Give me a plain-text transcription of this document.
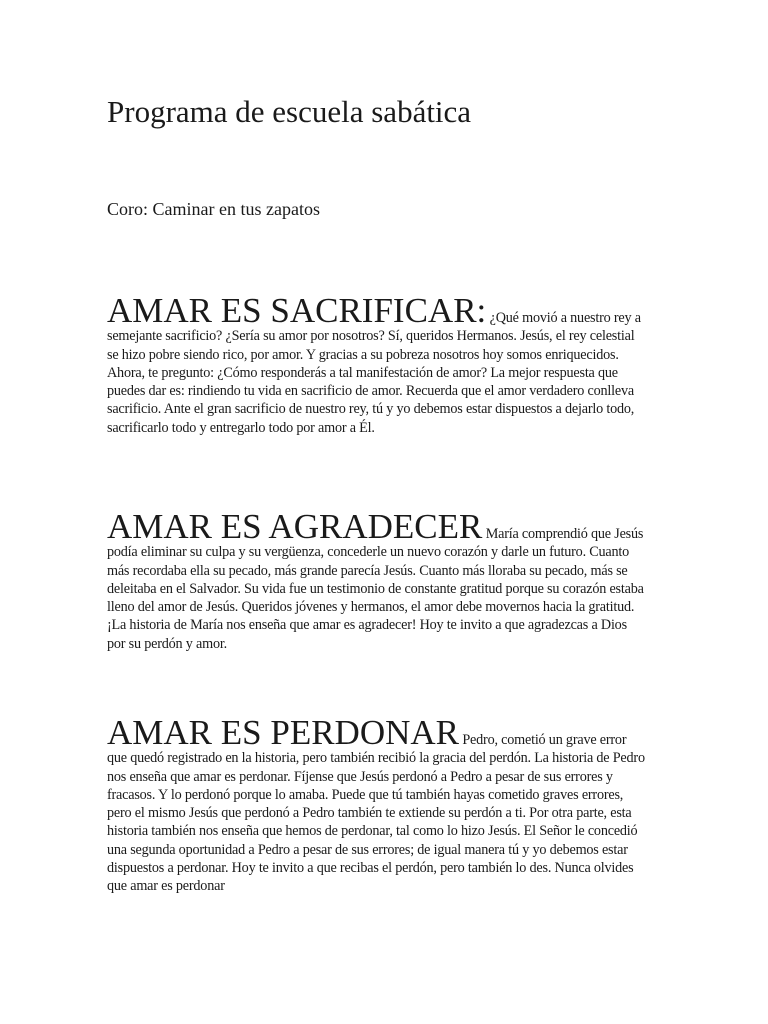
Programa de escuela sabática

Coro: Caminar en tus zapatos

AMAR ES SACRIFICAR: ¿Qué movió a nuestro rey a semejante sacrificio? ¿Sería su amor por nosotros? Sí, queridos Hermanos. Jesús, el rey celestial se hizo pobre siendo rico, por amor. Y gracias a su pobreza nosotros hoy somos enriquecidos. Ahora, te pregunto: ¿Cómo responderás a tal manifestación de amor? La mejor respuesta que puedes dar es: rindiendo tu vida en sacrificio de amor. Recuerda que el amor verdadero conlleva sacrificio. Ante el gran sacrificio de nuestro rey, tú y yo debemos estar dispuestos a dejarlo todo, sacrificarlo todo y entregarlo todo por amor a Él.

AMAR ES AGRADECER María comprendió que Jesús podía eliminar su culpa y su vergüenza, concederle un nuevo corazón y darle un futuro. Cuanto más recordaba ella su pecado, más grande parecía Jesús. Cuanto más lloraba su pecado, más se deleitaba en el Salvador. Su vida fue un testimonio de constante gratitud porque su corazón estaba lleno del amor de Jesús. Queridos jóvenes y hermanos, el amor debe movernos hacia la gratitud. ¡La historia de María nos enseña que amar es agradecer! Hoy te invito a que agradezcas a Dios por su perdón y amor.

AMAR ES PERDONAR Pedro, cometió un grave error que quedó registrado en la historia, pero también recibió la gracia del perdón. La historia de Pedro nos enseña que amar es perdonar. Fíjense que Jesús perdonó a Pedro a pesar de sus errores y fracasos. Y lo perdonó porque lo amaba. Puede que tú también hayas cometido graves errores, pero el mismo Jesús que perdonó a Pedro también te extiende su perdón a ti. Por otra parte, esta historia también nos enseña que hemos de perdonar, tal como lo hizo Jesús. El Señor le concedió una segunda oportunidad a Pedro a pesar de sus errores; de igual manera tú y yo debemos estar dispuestos a perdonar. Hoy te invito a que recibas el perdón, pero también lo des. Nunca olvides que amar es perdonar
